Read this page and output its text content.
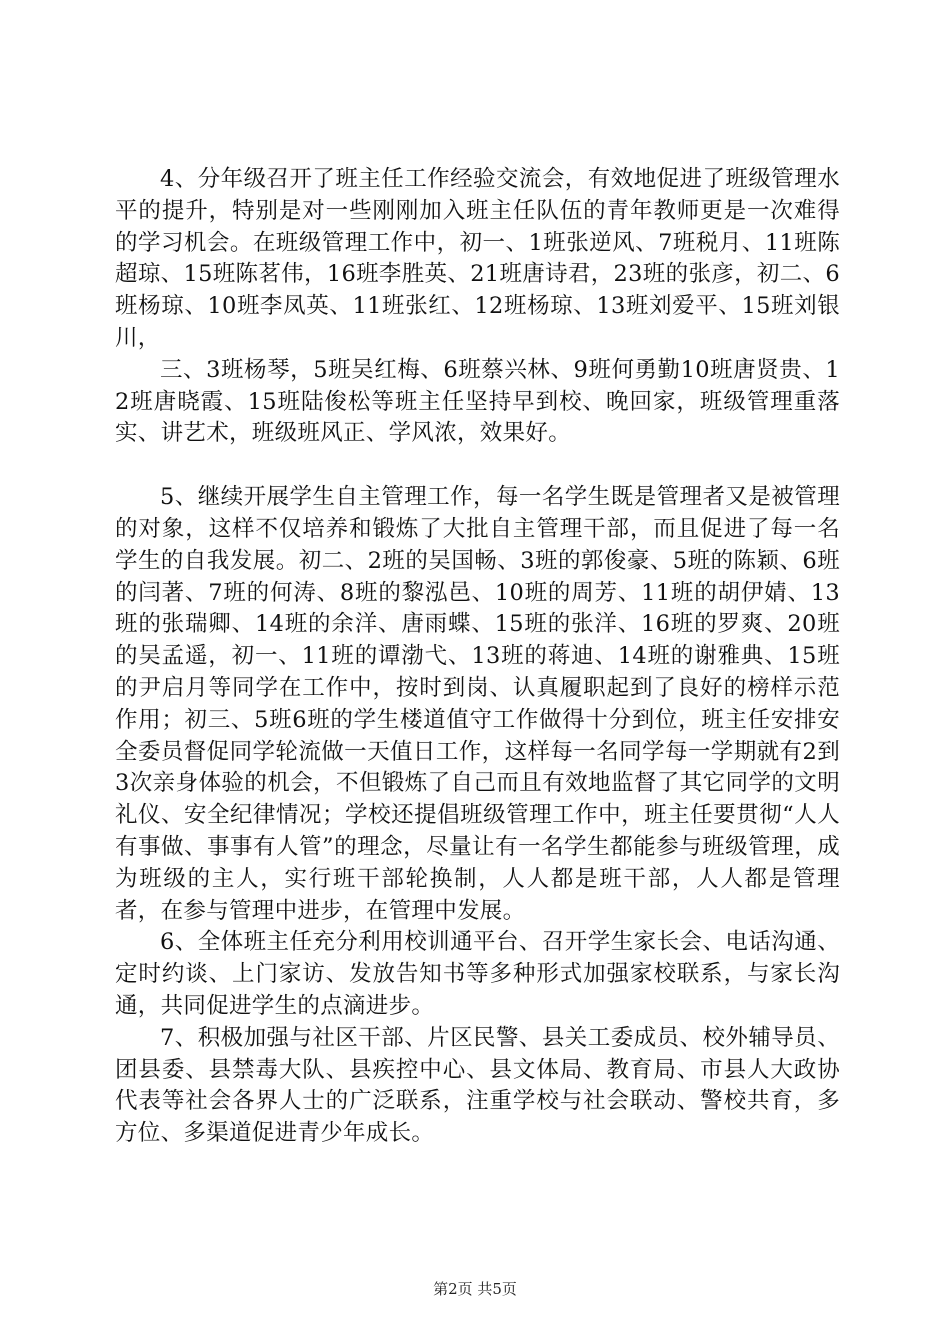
4、分年级召开了班主任工作经验交流会，有效地促进了班级管理水平的提升，特别是对一些刚刚加入班主任队伍的青年教师更是一次难得的学习机会。在班级管理工作中，初一、1班张逆风、7班税月、11班陈超琼、15班陈茗伟，16班李胜英、21班唐诗君，23班的张彦，初二、6班杨琼、10班李凤英、11班张红、12班杨琼、13班刘爱平、15班刘银川，

三、3班杨琴，5班吴红梅、6班蔡兴林、9班何勇勤10班唐贤贵、12班唐晓霞、15班陆俊松等班主任坚持早到校、晚回家，班级管理重落实、讲艺术，班级班风正、学风浓，效果好。

5、继续开展学生自主管理工作，每一名学生既是管理者又是被管理的对象，这样不仅培养和锻炼了大批自主管理干部，而且促进了每一名学生的自我发展。初二、2班的吴国畅、3班的郭俊豪、5班的陈颖、6班的闫著、7班的何涛、8班的黎泓邑、10班的周芳、11班的胡伊婧、13班的张瑞卿、14班的余洋、唐雨蝶、15班的张洋、16班的罗爽、20班的吴孟遥，初一、11班的谭渤弋、13班的蒋迪、14班的谢雅典、15班的尹启月等同学在工作中，按时到岗、认真履职起到了良好的榜样示范作用；初三、5班6班的学生楼道值守工作做得十分到位，班主任安排安全委员督促同学轮流做一天值日工作，这样每一名同学每一学期就有2到3次亲身体验的机会，不但锻炼了自己而且有效地监督了其它同学的文明礼仪、安全纪律情况；学校还提倡班级管理工作中，班主任要贯彻“人人有事做、事事有人管”的理念，尽量让有一名学生都能参与班级管理，成为班级的主人，实行班干部轮换制，人人都是班干部，人人都是管理者，在参与管理中进步，在管理中发展。

6、全体班主任充分利用校训通平台、召开学生家长会、电话沟通、定时约谈、上门家访、发放告知书等多种形式加强家校联系，与家长沟通，共同促进学生的点滴进步。

7、积极加强与社区干部、片区民警、县关工委成员、校外辅导员、团县委、县禁毒大队、县疾控中心、县文体局、教育局、市县人大政协代表等社会各界人士的广泛联系，注重学校与社会联动、警校共育，多方位、多渠道促进青少年成长。

第2页 共5页
